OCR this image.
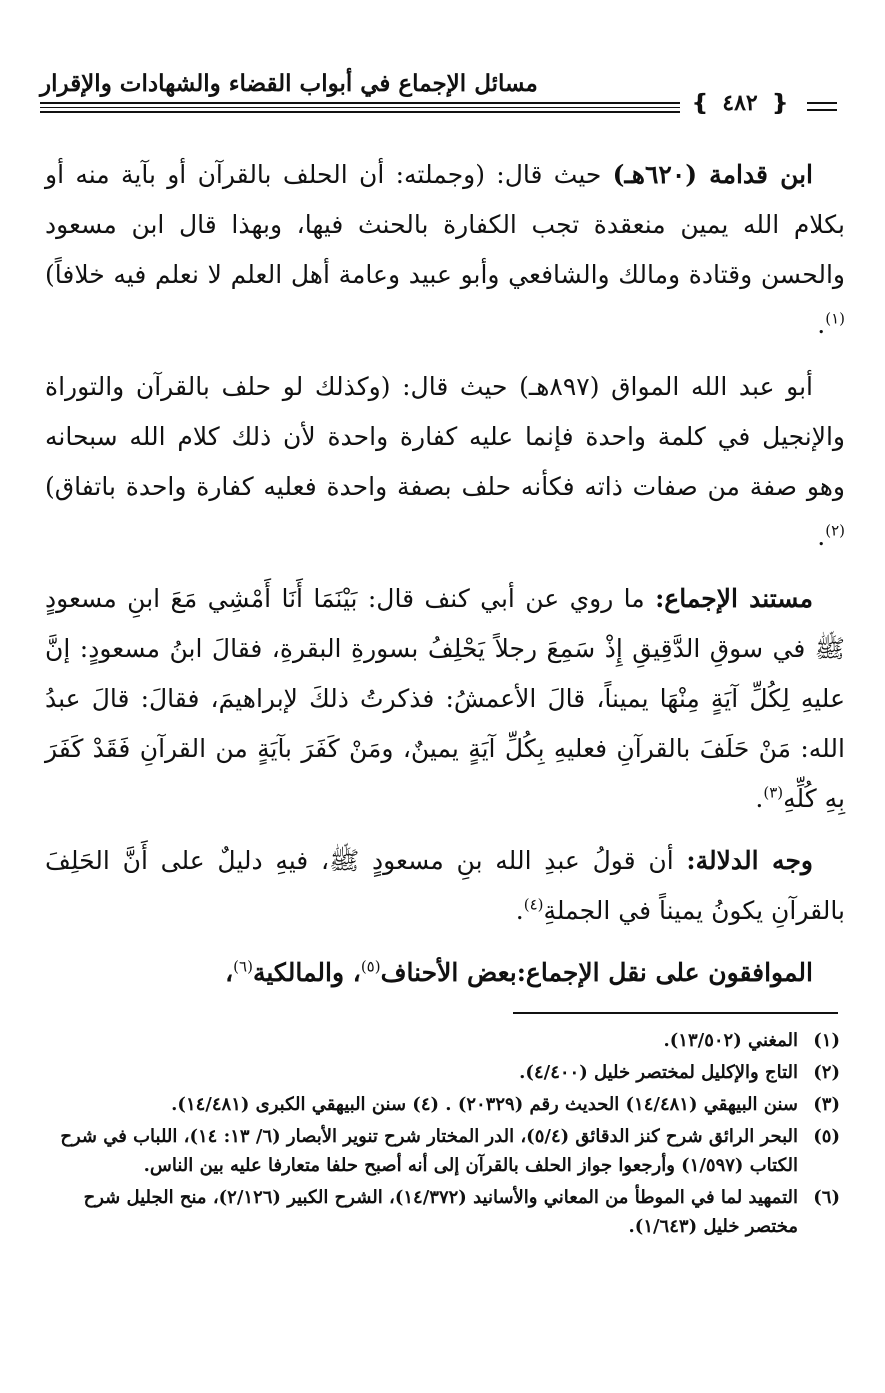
مسائل الإجماع في أبواب القضاء والشهادات والإقرار
❴ ٤٨٢ ❵

ابن قدامة (٦٢٠هـ) حيث قال: (وجملته: أن الحلف بالقرآن أو بآية منه أو بكلام الله يمين منعقدة تجب الكفارة بالحنث فيها، وبهذا قال ابن مسعود والحسن وقتادة ومالك والشافعي وأبو عبيد وعامة أهل العلم لا نعلم فيه خلافاً)$^{(١)}$.

أبو عبد الله المواق (٨٩٧هـ) حيث قال: (وكذلك لو حلف بالقرآن والتوراة والإنجيل في كلمة واحدة فإنما عليه كفارة واحدة لأن ذلك كلام الله سبحانه وهو صفة من صفات ذاته فكأنه حلف بصفة واحدة فعليه كفارة واحدة باتفاق)$^{(٢)}$.

مستند الإجماع: ما روي عن أبي كنف قال: بَيْنَمَا أَنَا أَمْشِي مَعَ ابنِ مسعودٍ ﷺ في سوقِ الدَّقِيقِ إِذْ سَمِعَ رجلاً يَحْلِفُ بسورةِ البقرةِ، فقالَ ابنُ مسعودٍ: إنَّ عليهِ لِكُلِّ آيَةٍ مِنْهَا يميناً، قالَ الأعمشُ: فذكرتُ ذلكَ لإبراهيمَ، فقالَ: قالَ عبدُ الله: مَنْ حَلَفَ بالقرآنِ فعليهِ بِكُلِّ آيَةٍ يمينٌ، ومَنْ كَفَرَ بآيَةٍ من القرآنِ فَقَدْ كَفَرَ بِهِ كُلِّهِ$^{(٣)}$.

وجه الدلالة: أن قولُ عبدِ الله بنِ مسعودٍ ﷺ، فيهِ دليلٌ على أَنَّ الحَلِفَ بالقرآنِ يكونُ يميناً في الجملةِ$^{(٤)}$.

الموافقون على نقل الإجماع:بعض الأحناف$^{(٥)}$، والمالكية$^{(٦)}$،

(١)
المغني (١٣/٥٠٢).
(٢)
التاج والإكليل لمختصر خليل (٤/٤٠٠).
(٣)
سنن البيهقي (١٤/٤٨١) الحديث رقم (٢٠٣٢٩) . (٤) سنن البيهقي الكبرى (١٤/٤٨١).
(٥)
البحر الرائق شرح كنز الدقائق (٥/٤)، الدر المختار شرح تنوير الأبصار (٦/ ١٣: ١٤)، اللباب في شرح الكتاب (١/٥٩٧) وأرجعوا جواز الحلف بالقرآن إلى أنه أصبح حلفا متعارفا عليه بين الناس.
(٦)
التمهيد لما في الموطأ من المعاني والأسانيد (١٤/٣٧٢)، الشرح الكبير (٢/١٢٦)، منح الجليل شرح مختصر خليل (١/٦٤٣).
